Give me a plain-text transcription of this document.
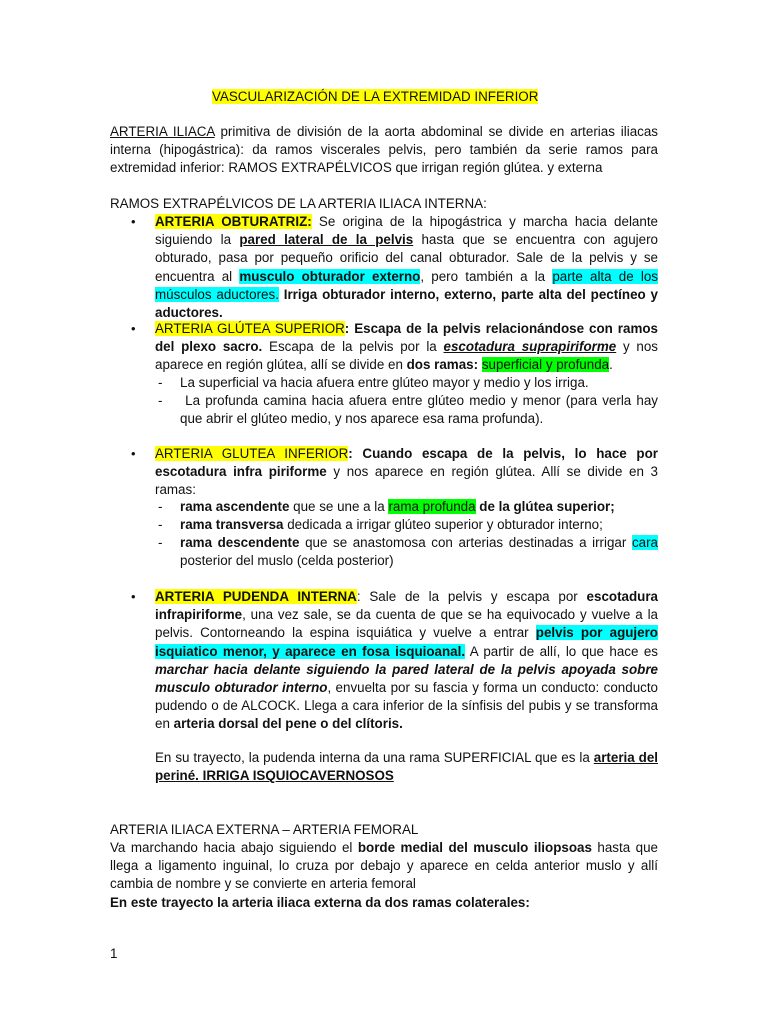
VASCULARIZACIÓN DE LA EXTREMIDAD INFERIOR
ARTERIA ILIACA primitiva de división de la aorta abdominal se divide en arterias iliacas interna (hipogástrica): da ramos viscerales pelvis, pero también da serie ramos para extremidad inferior: RAMOS EXTRAPÉLVICOS que irrigan región glútea. y externa
RAMOS EXTRAPÉLVICOS DE LA ARTERIA ILIACA INTERNA:
• ARTERIA OBTURATRIZ: Se origina de la hipogástrica y marcha hacia delante siguiendo la pared lateral de la pelvis hasta que se encuentra con agujero obturado, pasa por pequeño orificio del canal obturador. Sale de la pelvis y se encuentra al musculo obturador externo, pero también a la parte alta de los músculos aductores. Irriga obturador interno, externo, parte alta del pectíneo y aductores.
• ARTERIA GLÚTEA SUPERIOR: Escapa de la pelvis relacionándose con ramos del plexo sacro. Escapa de la pelvis por la escotadura suprapiriforme y nos aparece en región glútea, allí se divide en dos ramas: superficial y profunda.
- La superficial va hacia afuera entre glúteo mayor y medio y los irriga.
-	La profunda camina hacia afuera entre glúteo medio y menor (para verla hay que abrir el glúteo medio, y nos aparece esa rama profunda).
• ARTERIA GLUTEA INFERIOR: Cuando escapa de la pelvis, lo hace por escotadura infra piriforme y nos aparece en región glútea. Allí se divide en 3 ramas:
- rama ascendente que se une a la rama profunda de la glútea superior;
- rama transversa dedicada a irrigar glúteo superior y obturador interno;
- rama descendente que se anastomosa con arterias destinadas a irrigar cara posterior del muslo (celda posterior)
• ARTERIA PUDENDA INTERNA: Sale de la pelvis y escapa por escotadura infrapiriforme, una vez sale, se da cuenta de que se ha equivocado y vuelve a la pelvis. Contorneando la espina isquiática y vuelve a entrar pelvis por agujero isquiatico menor, y aparece en fosa isquioanal. A partir de allí, lo que hace es marchar hacia delante siguiendo la pared lateral de la pelvis apoyada sobre musculo obturador interno, envuelta por su fascia y forma un conducto: conducto pudendo o de ALCOCK. Llega a cara inferior de la sínfisis del pubis y se transforma en arteria dorsal del pene o del clítoris.
En su trayecto, la pudenda interna da una rama SUPERFICIAL que es la arteria del periné. IRRIGA ISQUIOCAVERNOSOS
ARTERIA ILIACA EXTERNA – ARTERIA FEMORAL
Va marchando hacia abajo siguiendo el borde medial del musculo iliopsoas hasta que llega a ligamento inguinal, lo cruza por debajo y aparece en celda anterior muslo y allí cambia de nombre y se convierte en arteria femoral
En este trayecto la arteria iliaca externa da dos ramas colaterales:
1
